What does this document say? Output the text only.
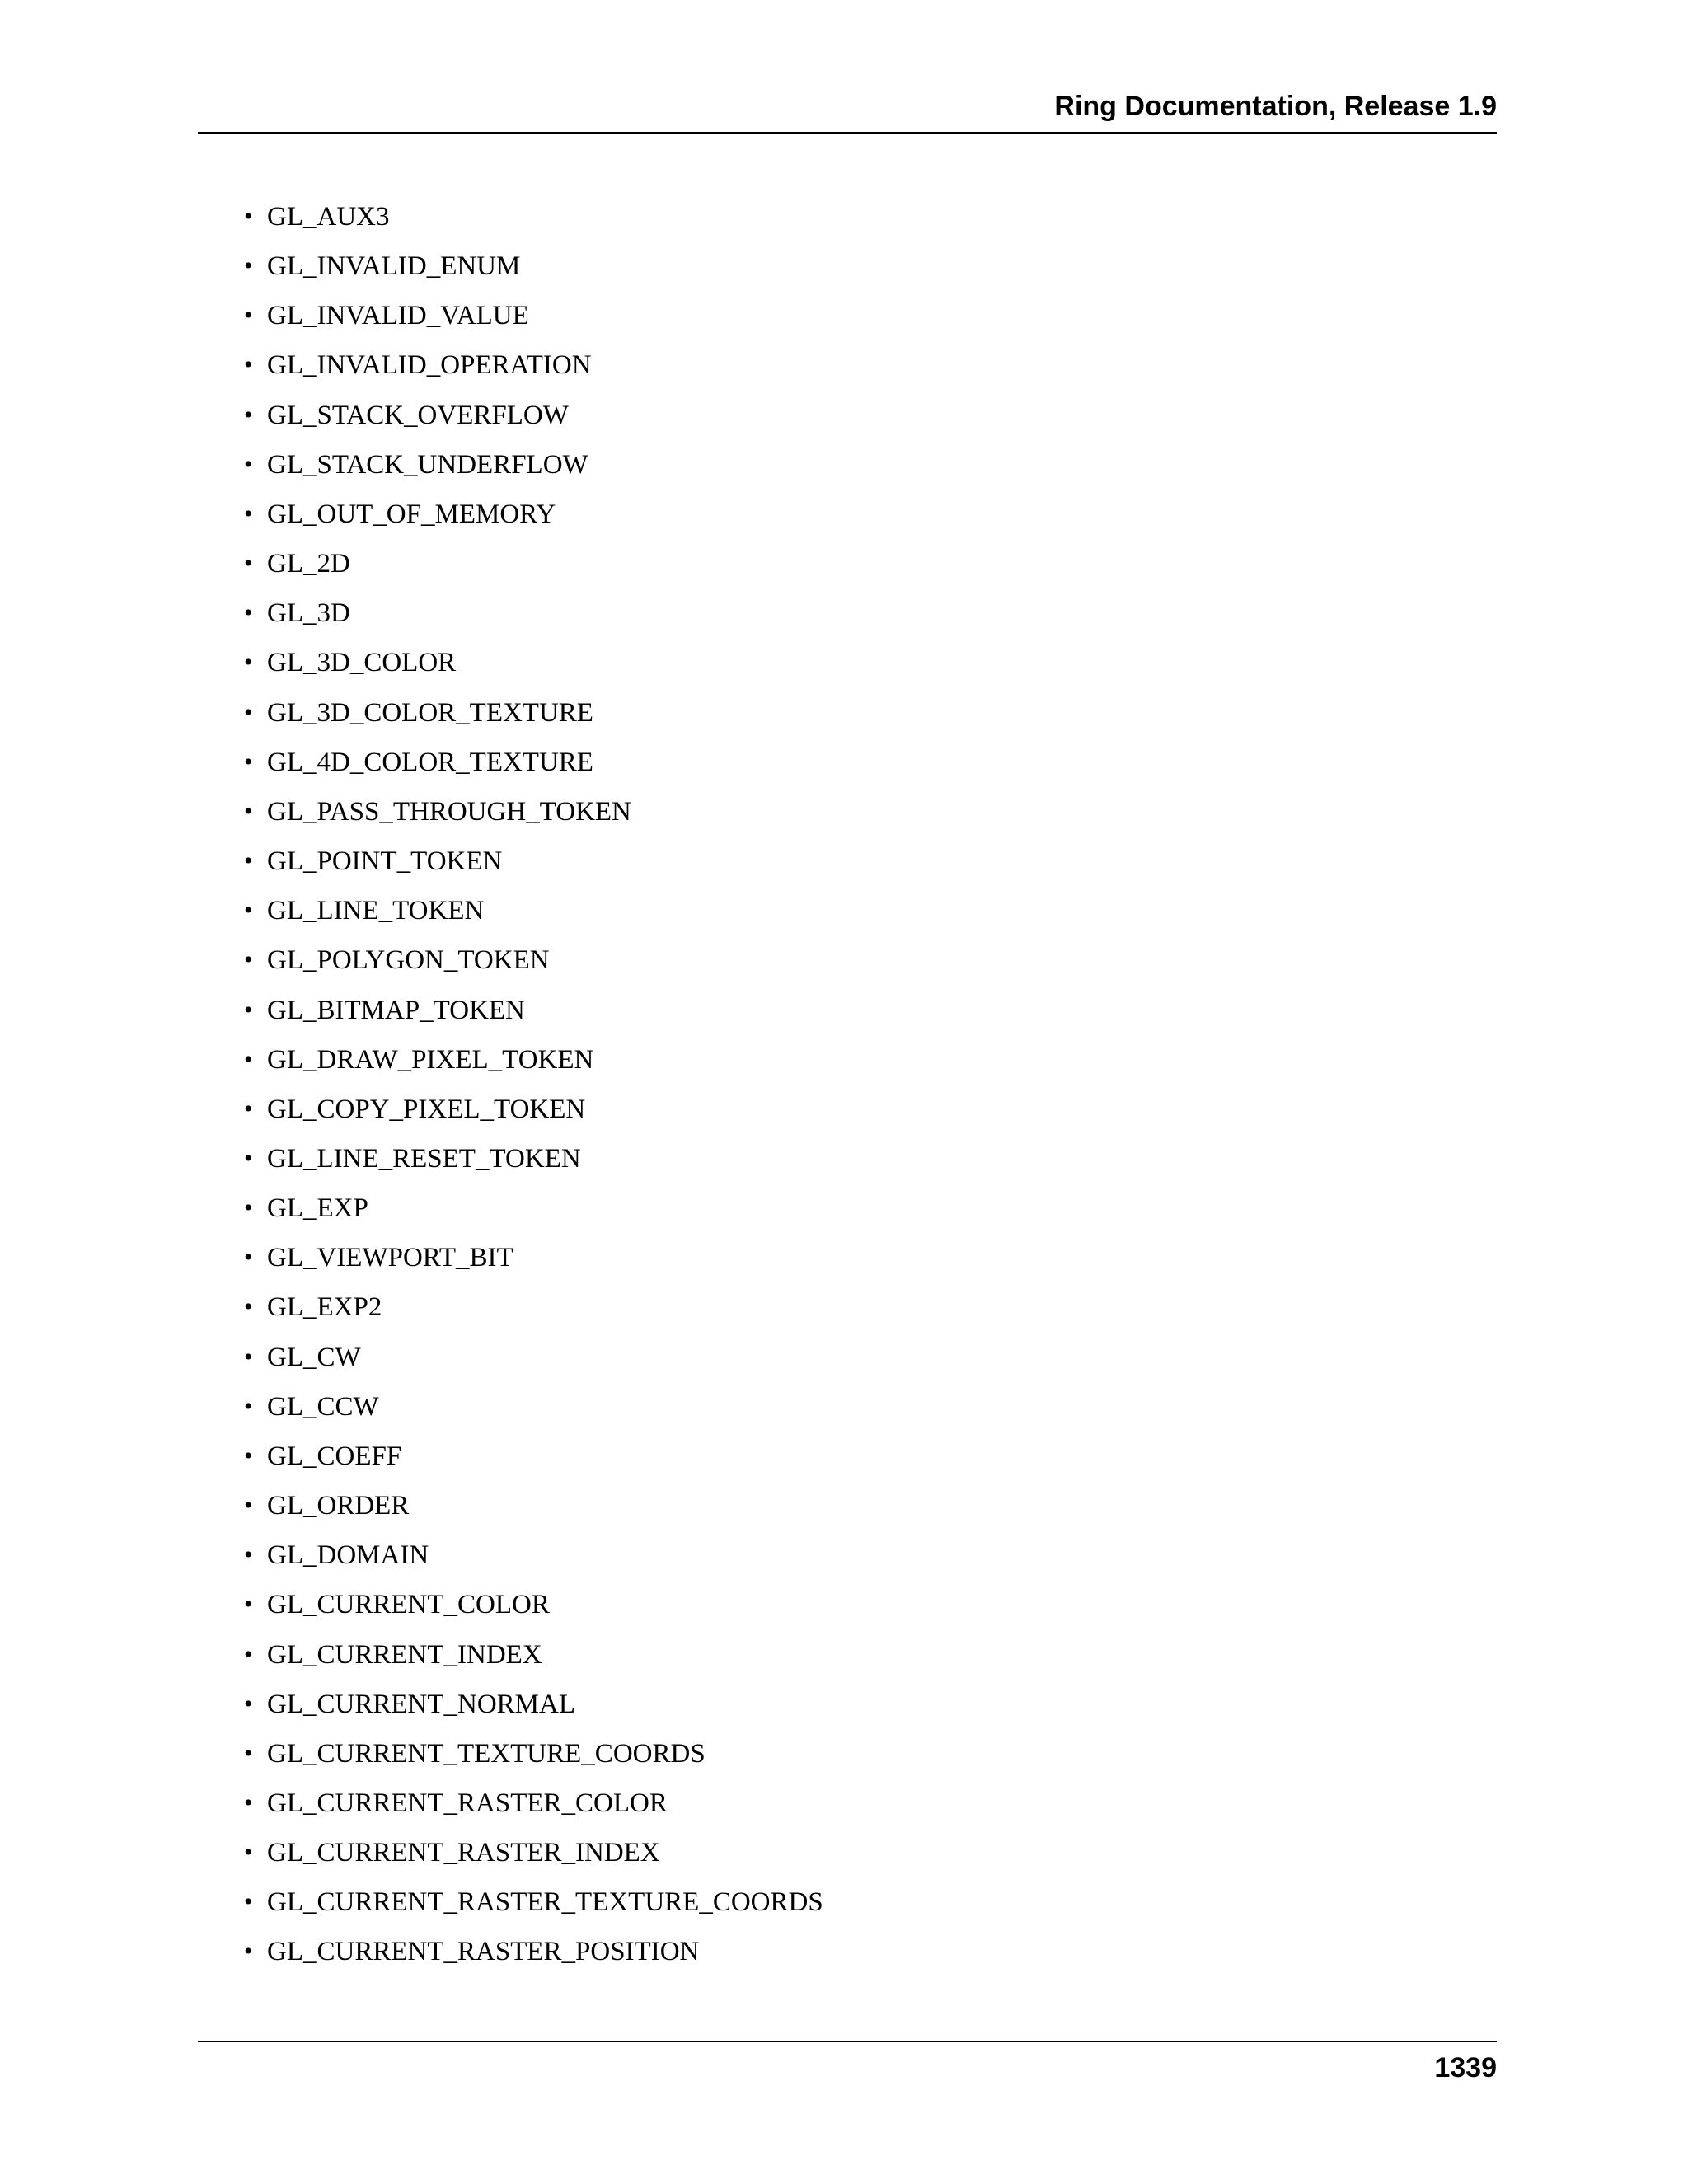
Ring Documentation, Release 1.9
• GL_AUX3
• GL_INVALID_ENUM
• GL_INVALID_VALUE
• GL_INVALID_OPERATION
• GL_STACK_OVERFLOW
• GL_STACK_UNDERFLOW
• GL_OUT_OF_MEMORY
• GL_2D
• GL_3D
• GL_3D_COLOR
• GL_3D_COLOR_TEXTURE
• GL_4D_COLOR_TEXTURE
• GL_PASS_THROUGH_TOKEN
• GL_POINT_TOKEN
• GL_LINE_TOKEN
• GL_POLYGON_TOKEN
• GL_BITMAP_TOKEN
• GL_DRAW_PIXEL_TOKEN
• GL_COPY_PIXEL_TOKEN
• GL_LINE_RESET_TOKEN
• GL_EXP
• GL_VIEWPORT_BIT
• GL_EXP2
• GL_CW
• GL_CCW
• GL_COEFF
• GL_ORDER
• GL_DOMAIN
• GL_CURRENT_COLOR
• GL_CURRENT_INDEX
• GL_CURRENT_NORMAL
• GL_CURRENT_TEXTURE_COORDS
• GL_CURRENT_RASTER_COLOR
• GL_CURRENT_RASTER_INDEX
• GL_CURRENT_RASTER_TEXTURE_COORDS
• GL_CURRENT_RASTER_POSITION
1339
